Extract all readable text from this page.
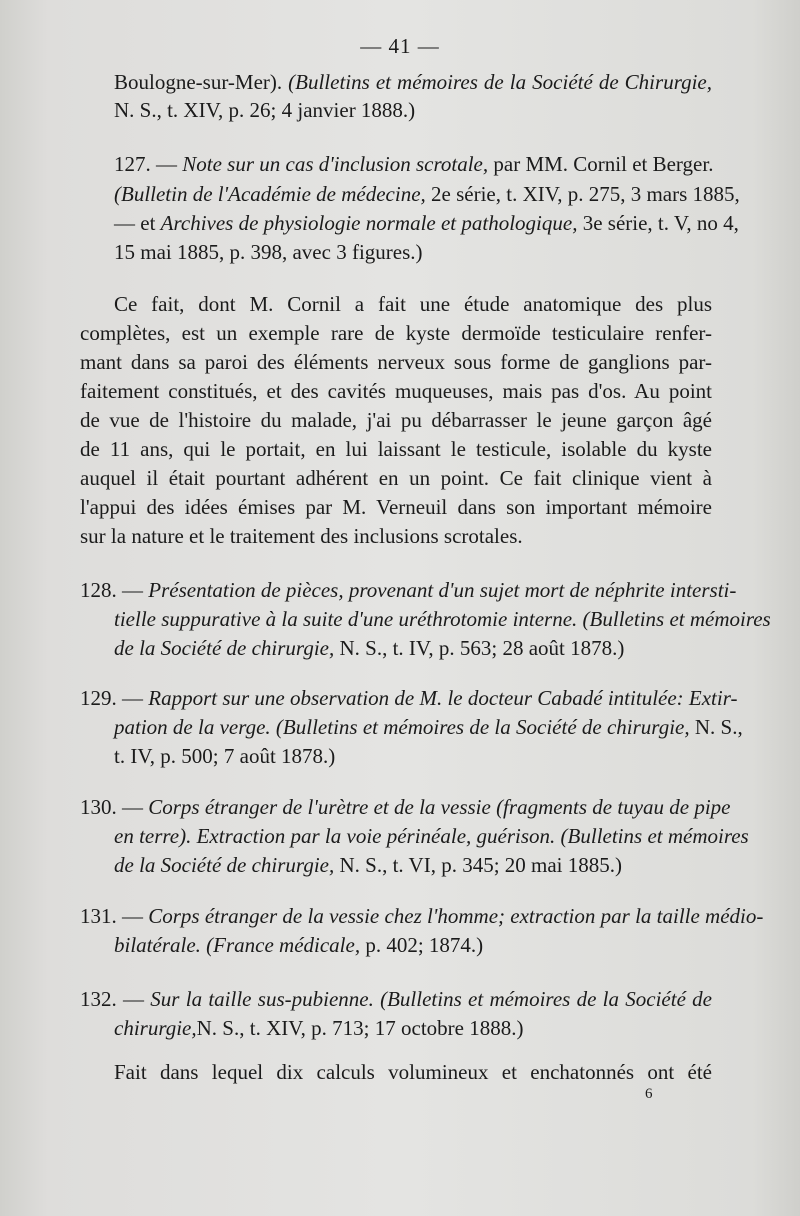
— 41 —
Boulogne-sur-Mer). (Bulletins et mémoires de la Société de Chirurgie,
N. S., t. XIV, p. 26; 4 janvier 1888.)
127. — Note sur un cas d'inclusion scrotale, par MM. Cornil et Berger.
(Bulletin de l'Académie de médecine, 2e série, t. XIV, p. 275, 3 mars 1885,
— et Archives de physiologie normale et pathologique, 3e série, t. V, no 4,
15 mai 1885, p. 398, avec 3 figures.)
Ce fait, dont M. Cornil a fait une étude anatomique des plus
complètes, est un exemple rare de kyste dermoïde testiculaire renfer-
mant dans sa paroi des éléments nerveux sous forme de ganglions par-
faitement constitués, et des cavités muqueuses, mais pas d'os. Au point
de vue de l'histoire du malade, j'ai pu débarrasser le jeune garçon âgé
de 11 ans, qui le portait, en lui laissant le testicule, isolable du kyste
auquel il était pourtant adhérent en un point. Ce fait clinique vient à
l'appui des idées émises par M. Verneuil dans son important mémoire
sur la nature et le traitement des inclusions scrotales.
128. — Présentation de pièces, provenant d'un sujet mort de néphrite intersti-
tielle suppurative à la suite d'une uréthrotomie interne. (Bulletins et mémoires
de la Société de chirurgie, N. S., t. IV, p. 563; 28 août 1878.)
129. — Rapport sur une observation de M. le docteur Cabadé intitulée: Extir-
pation de la verge. (Bulletins et mémoires de la Société de chirurgie, N. S.,
t. IV, p. 500; 7 août 1878.)
130. — Corps étranger de l'urètre et de la vessie (fragments de tuyau de pipe
en terre). Extraction par la voie périnéale, guérison. (Bulletins et mémoires
de la Société de chirurgie, N. S., t. VI, p. 345; 20 mai 1885.)
131. — Corps étranger de la vessie chez l'homme; extraction par la taille médio-
bilatérale. (France médicale, p. 402; 1874.)
132. — Sur la taille sus-pubienne. (Bulletins et mémoires de la Société de
chirurgie,N. S., t. XIV, p. 713; 17 octobre 1888.)
Fait dans lequel dix calculs volumineux et enchatonnés ont été
6
